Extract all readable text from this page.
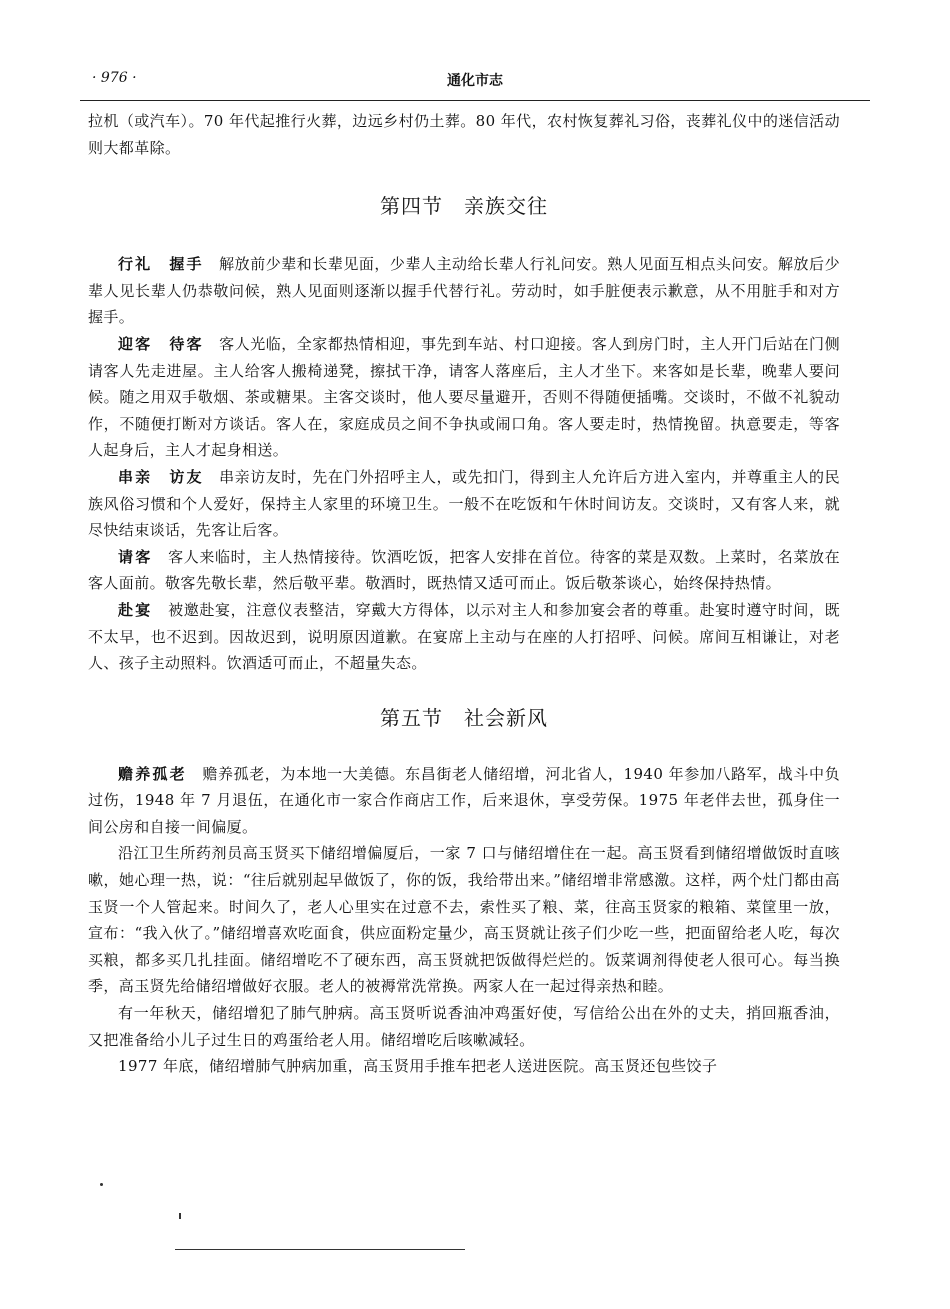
· 976 ·	通化市志

拉机（或汽车）。70 年代起推行火葬，边远乡村仍土葬。80 年代，农村恢复葬礼习俗，丧葬礼仪中的迷信活动则大都革除。

第四节　亲族交往

行礼　握手　 解放前少辈和长辈见面，少辈人主动给长辈人行礼问安。熟人见面互相点头问安。解放后少辈人见长辈人仍恭敬问候，熟人见面则逐渐以握手代替行礼。劳动时，如手脏便表示歉意，从不用脏手和对方握手。

迎客　待客　 客人光临，全家都热情相迎，事先到车站、村口迎接。客人到房门时，主人开门后站在门侧请客人先走进屋。主人给客人搬椅递凳，擦拭干净，请客人落座后，主人才坐下。来客如是长辈，晚辈人要问候。随之用双手敬烟、茶或糖果。主客交谈时，他人要尽量避开，否则不得随便插嘴。交谈时，不做不礼貌动作，不随便打断对方谈话。客人在，家庭成员之间不争执或闹口角。客人要走时，热情挽留。执意要走，等客人起身后，主人才起身相送。

串亲　访友　 串亲访友时，先在门外招呼主人，或先扣门，得到主人允许后方进入室内，并尊重主人的民族风俗习惯和个人爱好，保持主人家里的环境卫生。一般不在吃饭和午休时间访友。交谈时，又有客人来，就尽快结束谈话，先客让后客。

请客　 客人来临时，主人热情接待。饮酒吃饭，把客人安排在首位。待客的菜是双数。上菜时，名菜放在客人面前。敬客先敬长辈，然后敬平辈。敬酒时，既热情又适可而止。饭后敬茶谈心，始终保持热情。

赴宴　 被邀赴宴，注意仪表整洁，穿戴大方得体，以示对主人和参加宴会者的尊重。赴宴时遵守时间，既不太早，也不迟到。因故迟到，说明原因道歉。在宴席上主动与在座的人打招呼、问候。席间互相谦让，对老人、孩子主动照料。饮酒适可而止，不超量失态。

第五节　社会新风

赡养孤老　 赡养孤老，为本地一大美德。东昌街老人储绍增，河北省人，1940 年参加八路军，战斗中负过伤，1948 年 7 月退伍，在通化市一家合作商店工作，后来退休，享受劳保。1975 年老伴去世，孤身住一间公房和自接一间偏厦。

沿江卫生所药剂员高玉贤买下储绍增偏厦后，一家 7 口与储绍增住在一起。高玉贤看到储绍增做饭时直咳嗽，她心理一热，说：“往后就别起早做饭了，你的饭，我给带出来。”储绍增非常感激。这样，两个灶门都由高玉贤一个人管起来。时间久了，老人心里实在过意不去，索性买了粮、菜，往高玉贤家的粮箱、菜筐里一放，宣布：“我入伙了。”储绍增喜欢吃面食，供应面粉定量少，高玉贤就让孩子们少吃一些，把面留给老人吃，每次买粮，都多买几扎挂面。储绍增吃不了硬东西，高玉贤就把饭做得烂烂的。饭菜调剂得使老人很可心。每当换季，高玉贤先给储绍增做好衣服。老人的被褥常洗常换。两家人在一起过得亲热和睦。

有一年秋天，储绍增犯了肺气肿病。高玉贤听说香油冲鸡蛋好使，写信给公出在外的丈夫，捎回瓶香油，又把准备给小儿子过生日的鸡蛋给老人用。储绍增吃后咳嗽减轻。

1977 年底，储绍增肺气肿病加重，高玉贤用手推车把老人送进医院。高玉贤还包些饺子
